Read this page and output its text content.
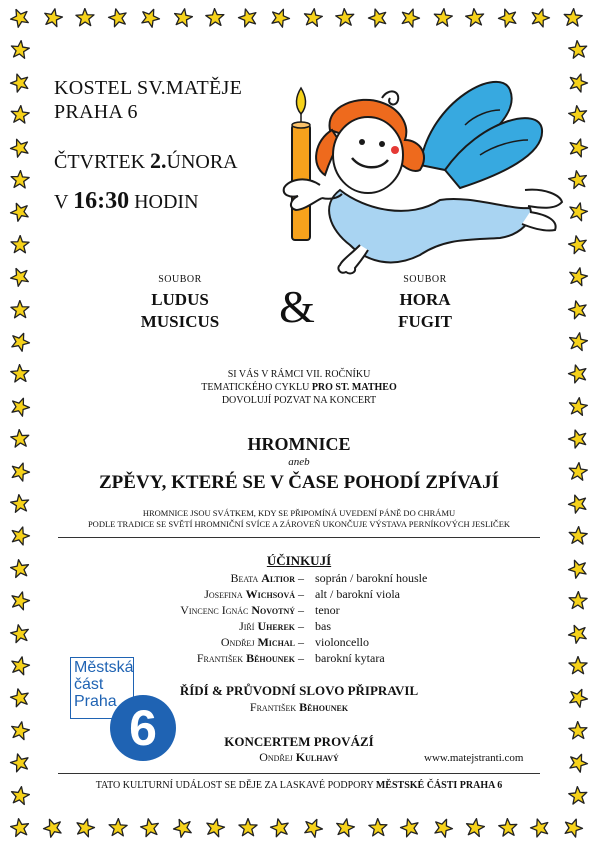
KOSTEL SV.MATĚJE
PRAHA 6
ČTVRTEK 2.ÚNORA
V 16:30 HODIN
SOUBOR
LUDUS
MUSICUS	&
SOUBOR
HORA
FUGIT
SI VÁS V RÁMCI VII. ROČNÍKU
TEMATICKÉHO CYKLU PRO ST. MATHEO
DOVOLUJÍ POZVAT NA KONCERT
HROMNICE
aneb
ZPĚVY, KTERÉ SE V ČASE POHODÍ ZPÍVAJÍ
HROMNICE JSOU SVÁTKEM, KDY SE PŘIPOMÍNÁ UVEDENÍ PÁNĚ DO CHRÁMU
PODLE TRADICE SE SVĚTÍ HROMNIČNÍ SVÍCE A ZÁROVEŇ UKONČUJE VÝSTAVA PERNÍKOVÝCH JESLIČEK
ÚČINKUJÍ
Beata Altior – soprán / barokní housle
Josefina Wichsová – alt / barokní viola
Vincenc Ignác Novotný – tenor
Jiří Uherek – bas
Ondřej Michal – violoncello
František Běhounek – barokní kytara
Městská
část
Praha 6
ŘÍDÍ & PRŮVODNÍ SLOVO PŘIPRAVIL
František Běhounek
KONCERTEM PROVÁZÍ
Ondřej Kulhavý	www.matejstranti.com
TATO KULTURNÍ UDÁLOST SE DĚJE ZA LASKAVÉ PODPORY MĚSTSKÉ ČÁSTI PRAHA 6
